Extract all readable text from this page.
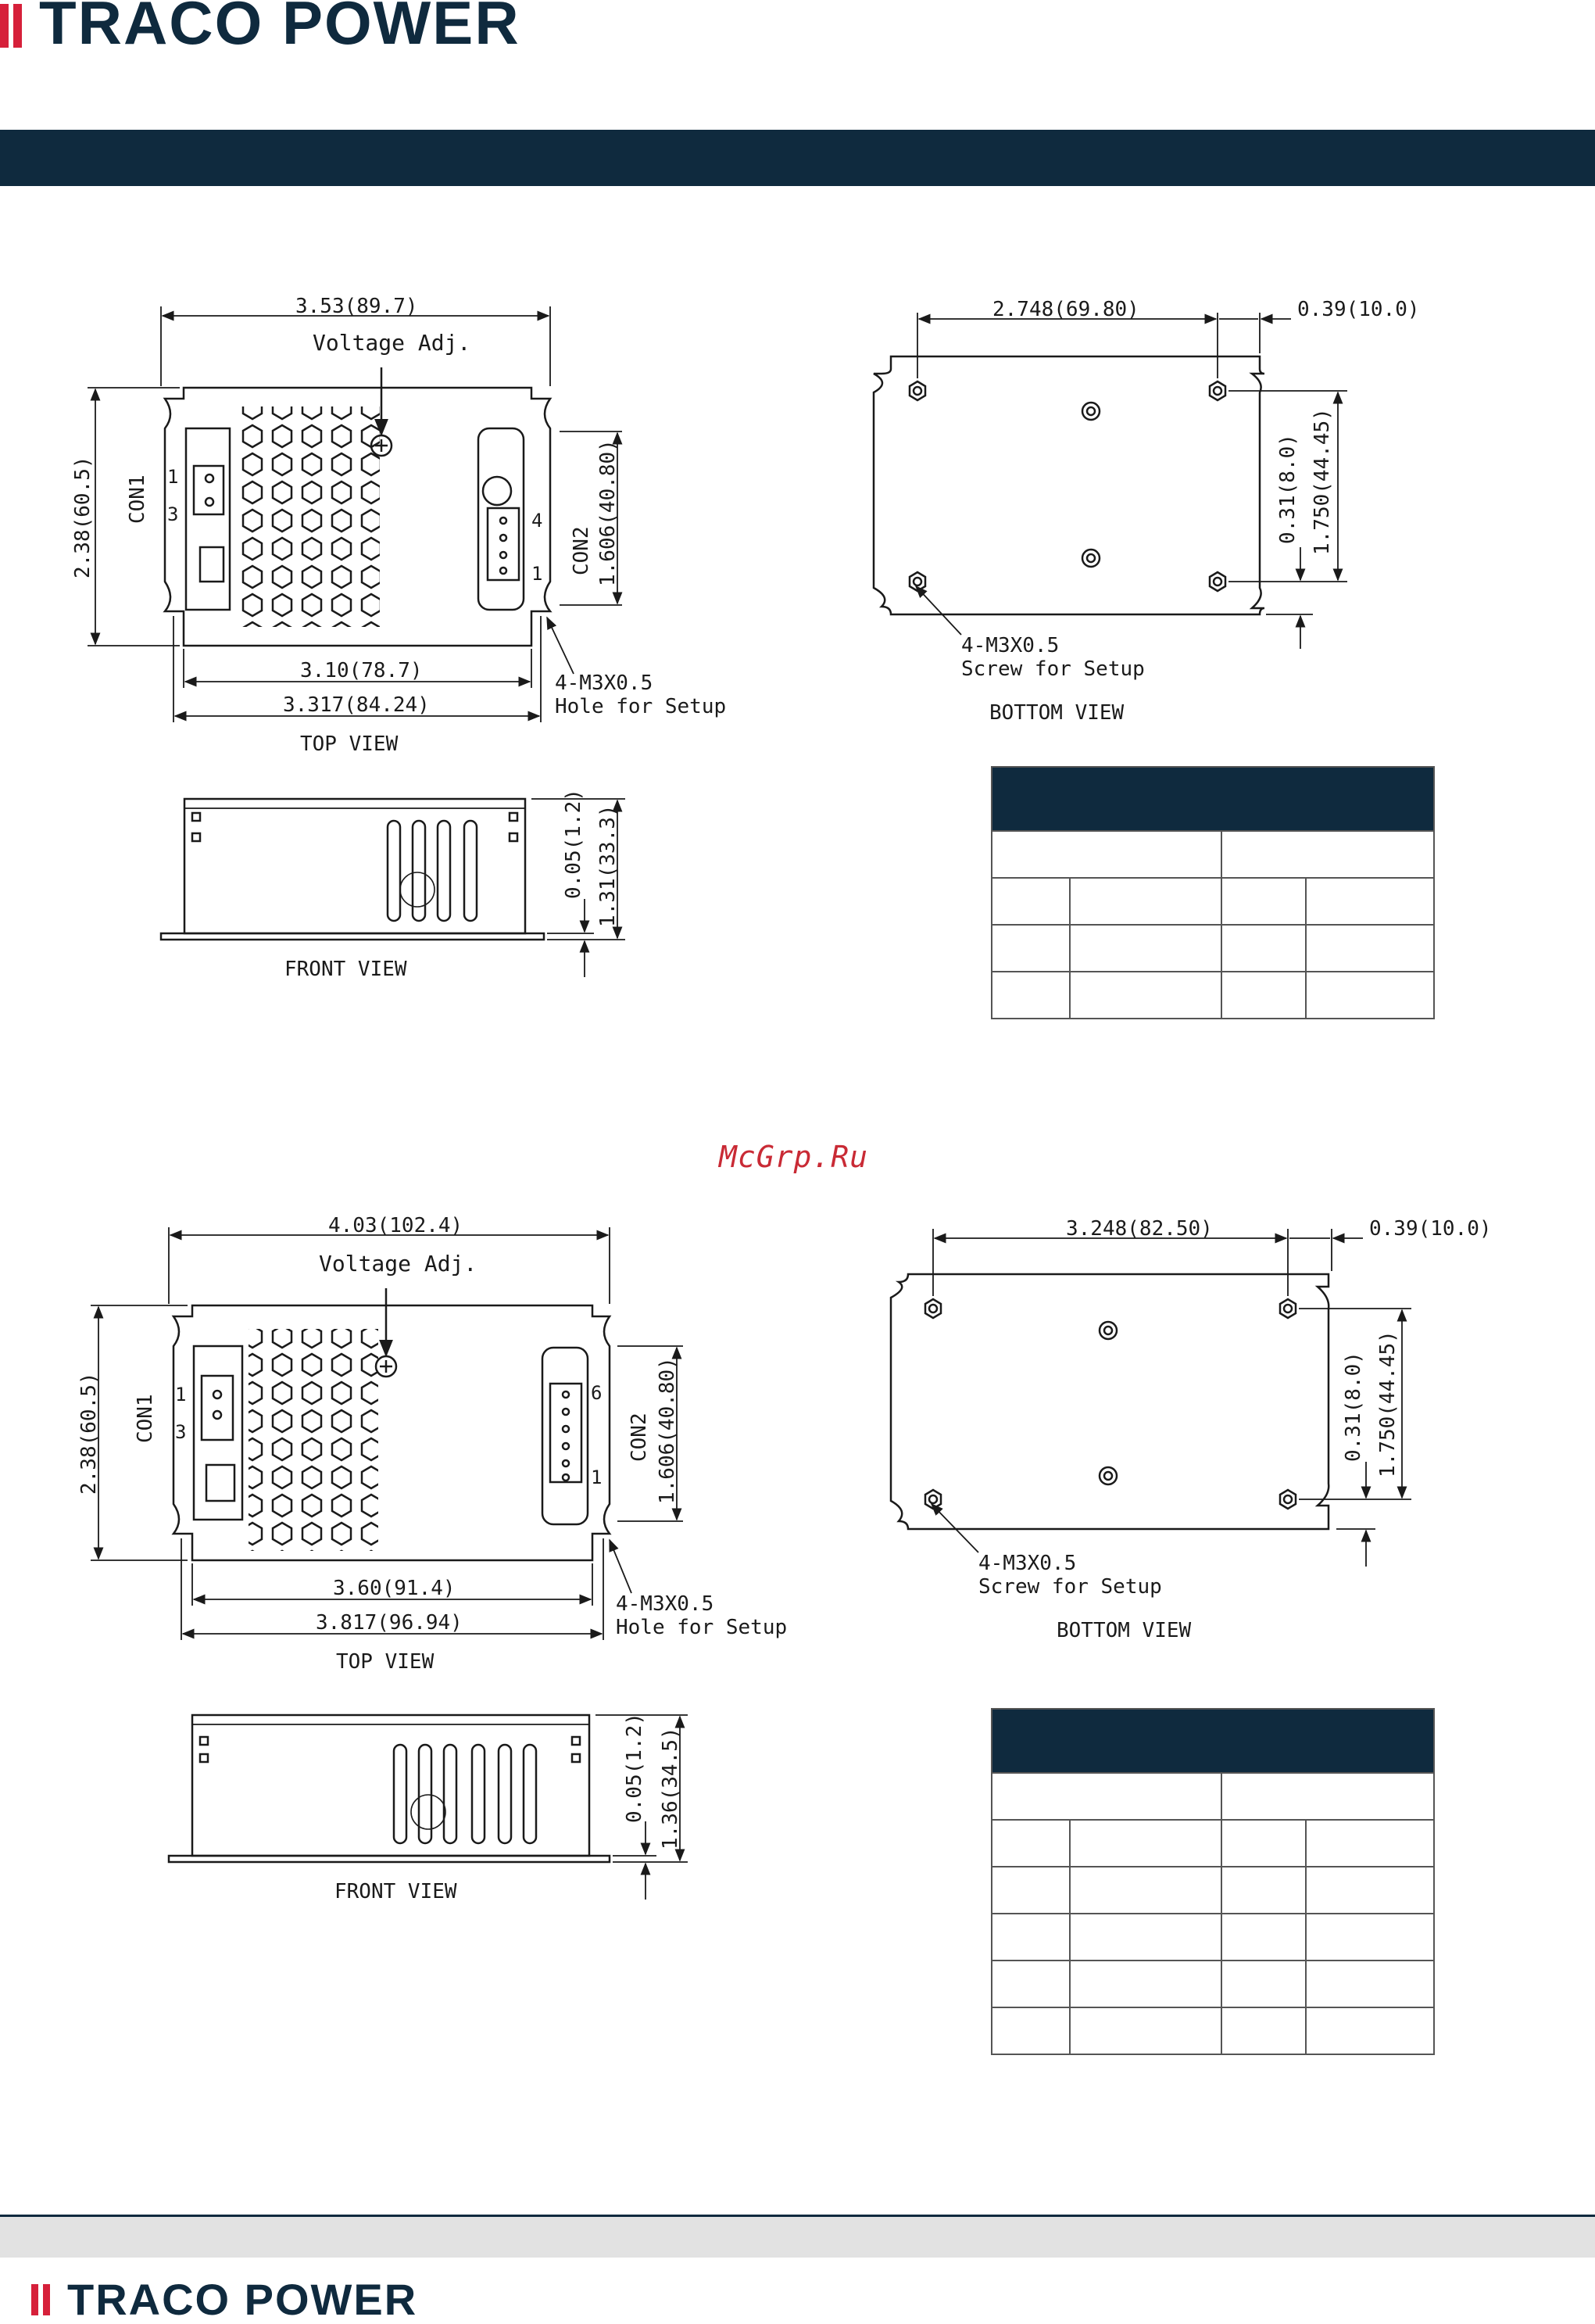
TRACO POWER
TRACO POWER
McGrp.Ru

3.53(89.7)
Voltage Adj.
2.38(60.5) CON1 1
3
CON2
4
1	1.606(40.80)
3.10(78.7)
3.317(84.24)
4-M3X0.5
Hole for Setup
TOP VIEW
2.748(69.80)	0.39(10.0)
0.31(8.0) 1.750(44.45)
4-M3X0.5
Screw for Setup
BOTTOM VIEW
0.05(1.2) 1.31(33.3)
FRONT VIEW
4.03(102.4)
Voltage Adj.
2.38(60.5) CON1 1
3	CON2
6
1	1.606(40.80)
3.60(91.4)
3.817(96.94)
4-M3X0.5
Hole for Setup
TOP VIEW
3.248(82.50)	0.39(10.0)
0.31(8.0) 1.750(44.45)
4-M3X0.5
Screw for Setup
BOTTOM VIEW
0.05(1.2) 1.36(34.5)
FRONT VIEW
